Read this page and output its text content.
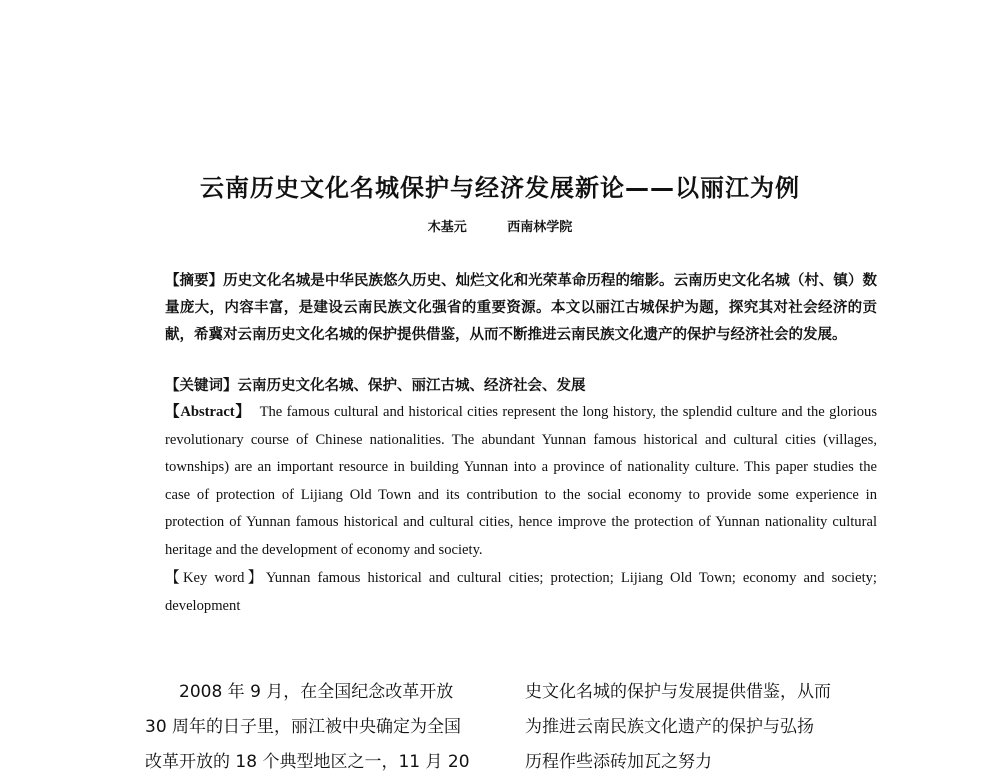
云南历史文化名城保护与经济发展新论——以丽江为例
木基元	西南林学院
【摘要】历史文化名城是中华民族悠久历史、灿烂文化和光荣革命历程的缩影。云南历史文化名城（村、镇）数量庞大，内容丰富，是建设云南民族文化强省的重要资源。本文以丽江古城保护为题，探究其对社会经济的贡献，希冀对云南历史文化名城的保护提供借鉴，从而不断推进云南民族文化遗产的保护与经济社会的发展。
【关键词】云南历史文化名城、保护、丽江古城、经济社会、发展
【Abstract】 The famous cultural and historical cities represent the long history, the splendid culture and the glorious revolutionary course of Chinese nationalities. The abundant Yunnan famous historical and cultural cities (villages, townships) are an important resource in building Yunnan into a province of nationality culture. This paper studies the case of protection of Lijiang Old Town and its contribution to the social economy to provide some experience in protection of Yunnan famous historical and cultural cities, hence improve the protection of Yunnan nationality cultural heritage and the development of economy and society.
【Key word】Yunnan famous historical and cultural cities; protection; Lijiang Old Town; economy and society; development
　　2008 年 9 月，在全国纪念改革开放
30 周年的日子里，丽江被中央确定为全国
改革开放的 18 个典型地区之一，11 月 20
史文化名城的保护与发展提供借鉴，从而
为推进云南民族文化遗产的保护与弘扬
历程作些添砖加瓦之努力
